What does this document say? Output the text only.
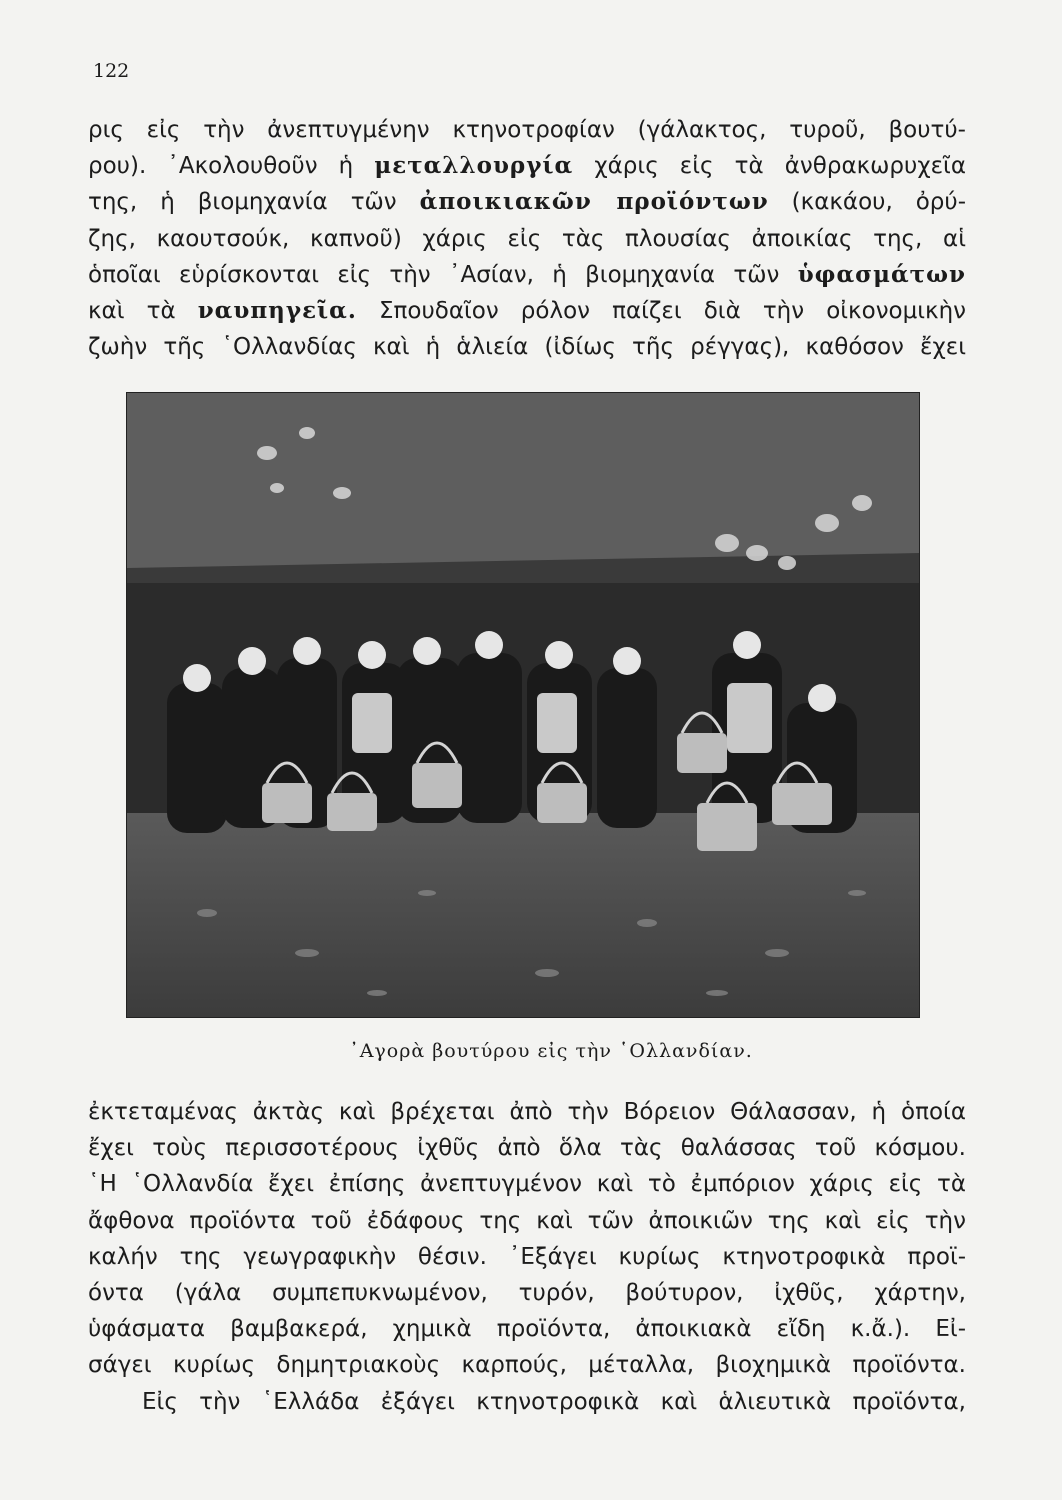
122
ρις εἰς τὴν ἀνεπτυγμένην κτηνοτροφίαν (γάλακτος, τυροῦ, βουτύ-
ρου). ᾿Ακολουθοῦν ἡ μεταλλουργία χάρις εἰς τὰ ἀνθρακωρυχεῖα
της, ἡ βιομηχανία τῶν ἀποικιακῶν προϊόντων (κακάου, ὀρύ-
ζης, καουτσούκ, καπνοῦ) χάρις εἰς τὰς πλουσίας ἀποικίας της, αἱ
ὁποῖαι εὑρίσκονται εἰς τὴν ᾿Ασίαν, ἡ βιομηχανία τῶν ὑφασμάτων
καὶ τὰ ναυπηγεῖα. Σπουδαῖον ρόλον παίζει διὰ τὴν οἰκονομικὴν
ζωὴν τῆς ῾Ολλανδίας καὶ ἡ ἁλιεία (ἰδίως τῆς ρέγγας), καθόσον ἔχει
᾿Αγορὰ βουτύρου εἰς τὴν ῾Ολλανδίαν.
ἐκτεταμένας ἀκτὰς καὶ βρέχεται ἀπὸ τὴν Βόρειον Θάλασσαν, ἡ ὁποία
ἔχει τοὺς περισσοτέρους ἰχθῦς ἀπὸ ὅλα τὰς θαλάσσας τοῦ κόσμου.
῾Η ῾Ολλανδία ἔχει ἐπίσης ἀνεπτυγμένον καὶ τὸ ἐμπόριον χάρις εἰς τὰ
ἄφθονα προϊόντα τοῦ ἐδάφους της καὶ τῶν ἀποικιῶν της καὶ εἰς τὴν
καλήν της γεωγραφικὴν θέσιν. ᾿Εξάγει κυρίως κτηνοτροφικὰ προϊ-
όντα (γάλα συμπεπυκνωμένον, τυρόν, βούτυρον, ἰχθῦς, χάρτην,
ὑφάσματα βαμβακερά, χημικὰ προϊόντα, ἀποικιακὰ εἴδη κ.ἄ.). Εἰ-
σάγει κυρίως δημητριακοὺς καρπούς, μέταλλα, βιοχημικὰ προϊόντα.
Εἰς τὴν ῾Ελλάδα ἐξάγει κτηνοτροφικὰ καὶ ἁλιευτικὰ προϊόντα,
